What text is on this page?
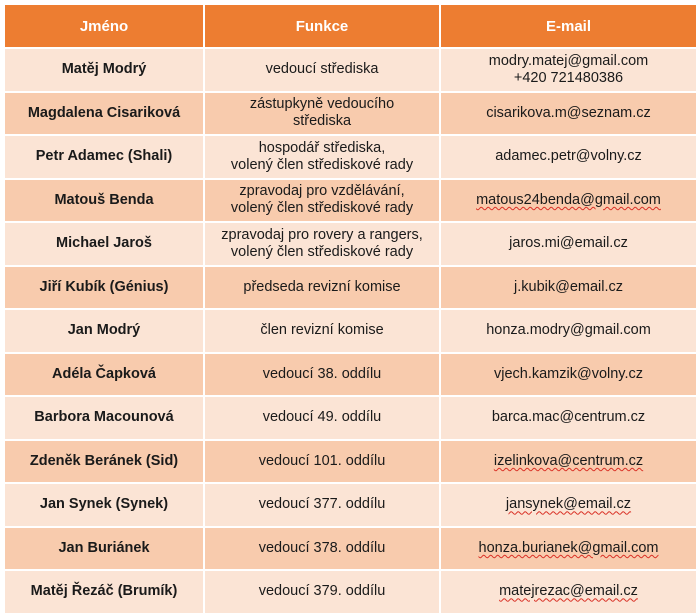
Jméno	Funkce	E-mail
Matěj Modrý	vedoucí střediska	modry.matej@gmail.com
+420 721480386
Magdalena Cisariková	zástupkyně vedoucího
střediska	cisarikova.m@seznam.cz
Petr Adamec (Shali)	hospodář střediska,
volený člen střediskové rady	adamec.petr@volny.cz
Matouš Benda	zpravodaj pro vzdělávání,
volený člen střediskové rady	matous24benda@gmail.com
Michael Jaroš	zpravodaj pro rovery a rangers,
volený člen střediskové rady	jaros.mi@email.cz
Jiří Kubík (Génius)	předseda revizní komise	j.kubik@email.cz
Jan Modrý	člen revizní komise	honza.modry@gmail.com
Adéla Čapková	vedoucí 38. oddílu	vjech.kamzik@volny.cz
Barbora Macounová	vedoucí 49. oddílu	barca.mac@centrum.cz
Zdeněk Beránek (Sid)	vedoucí 101. oddílu	izelinkova@centrum.cz
Jan Synek (Synek)	vedoucí 377. oddílu	jansynek@email.cz
Jan Buriánek	vedoucí 378. oddílu	honza.burianek@gmail.com
Matěj Řezáč (Brumík)	vedoucí 379. oddílu	matejrezac@email.cz
